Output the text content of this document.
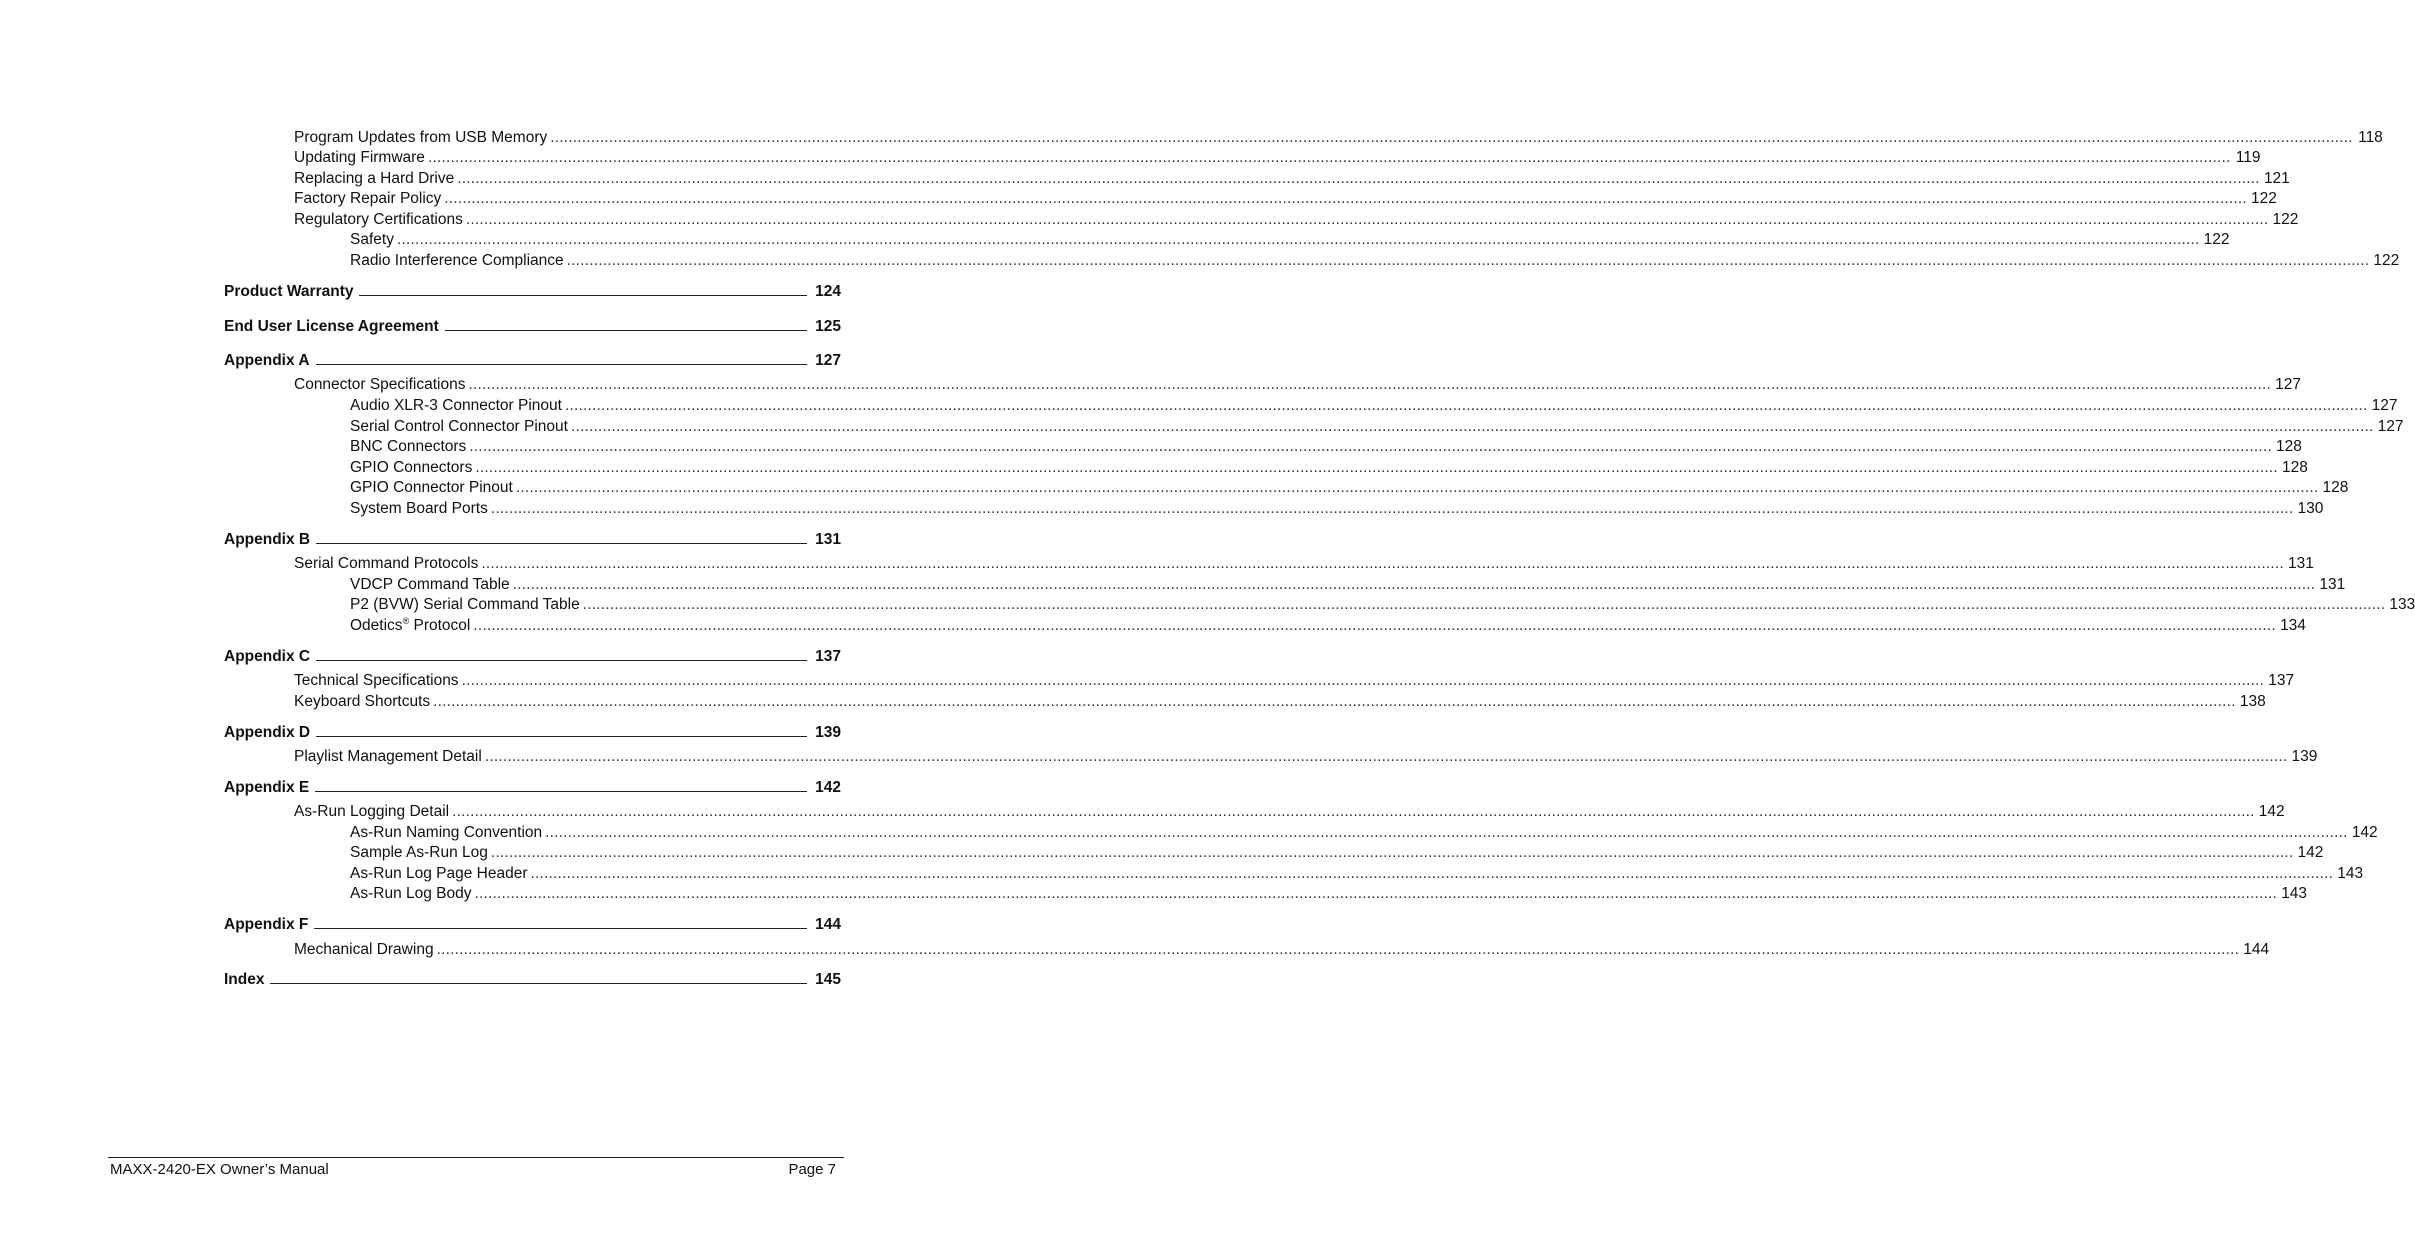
Program Updates from USB Memory ................................................................................................................................................................................................................................................................................................................................................................................................................ 118
Updating Firmware ................................................................................................................................................................................................................................................................................................................................................................................................................ 119
Replacing a Hard Drive ................................................................................................................................................................................................................................................................................................................................................................................................................ 121
Factory Repair Policy ................................................................................................................................................................................................................................................................................................................................................................................................................ 122
Regulatory Certifications ................................................................................................................................................................................................................................................................................................................................................................................................................ 122
Safety ................................................................................................................................................................................................................................................................................................................................................................................................................ 122
Radio Interference Compliance ................................................................................................................................................................................................................................................................................................................................................................................................................ 122
Product Warranty	124
End User License Agreement	125
Appendix A	127
Connector Specifications ................................................................................................................................................................................................................................................................................................................................................................................................................ 127
Audio XLR-3 Connector Pinout ................................................................................................................................................................................................................................................................................................................................................................................................................ 127
Serial Control Connector Pinout ................................................................................................................................................................................................................................................................................................................................................................................................................ 127
BNC Connectors ................................................................................................................................................................................................................................................................................................................................................................................................................ 128
GPIO Connectors ................................................................................................................................................................................................................................................................................................................................................................................................................ 128
GPIO Connector Pinout ................................................................................................................................................................................................................................................................................................................................................................................................................ 128
System Board Ports ................................................................................................................................................................................................................................................................................................................................................................................................................ 130
Appendix B	131
Serial Command Protocols ................................................................................................................................................................................................................................................................................................................................................................................................................ 131
VDCP Command Table ................................................................................................................................................................................................................................................................................................................................................................................................................ 131
P2 (BVW) Serial Command Table ................................................................................................................................................................................................................................................................................................................................................................................................................ 133
Odetics® Protocol ................................................................................................................................................................................................................................................................................................................................................................................................................ 134
Appendix C	137
Technical Specifications ................................................................................................................................................................................................................................................................................................................................................................................................................ 137
Keyboard Shortcuts ................................................................................................................................................................................................................................................................................................................................................................................................................ 138
Appendix D	139
Playlist Management Detail ................................................................................................................................................................................................................................................................................................................................................................................................................ 139
Appendix E	142
As-Run Logging Detail ................................................................................................................................................................................................................................................................................................................................................................................................................ 142
As-Run Naming Convention ................................................................................................................................................................................................................................................................................................................................................................................................................ 142
Sample As-Run Log ................................................................................................................................................................................................................................................................................................................................................................................................................ 142
As-Run Log Page Header ................................................................................................................................................................................................................................................................................................................................................................................................................ 143
As-Run Log Body ................................................................................................................................................................................................................................................................................................................................................................................................................ 143
Appendix F	144
Mechanical Drawing ................................................................................................................................................................................................................................................................................................................................................................................................................ 144
Index	145
MAXX-2420-EX Owner’s Manual	Page 7
